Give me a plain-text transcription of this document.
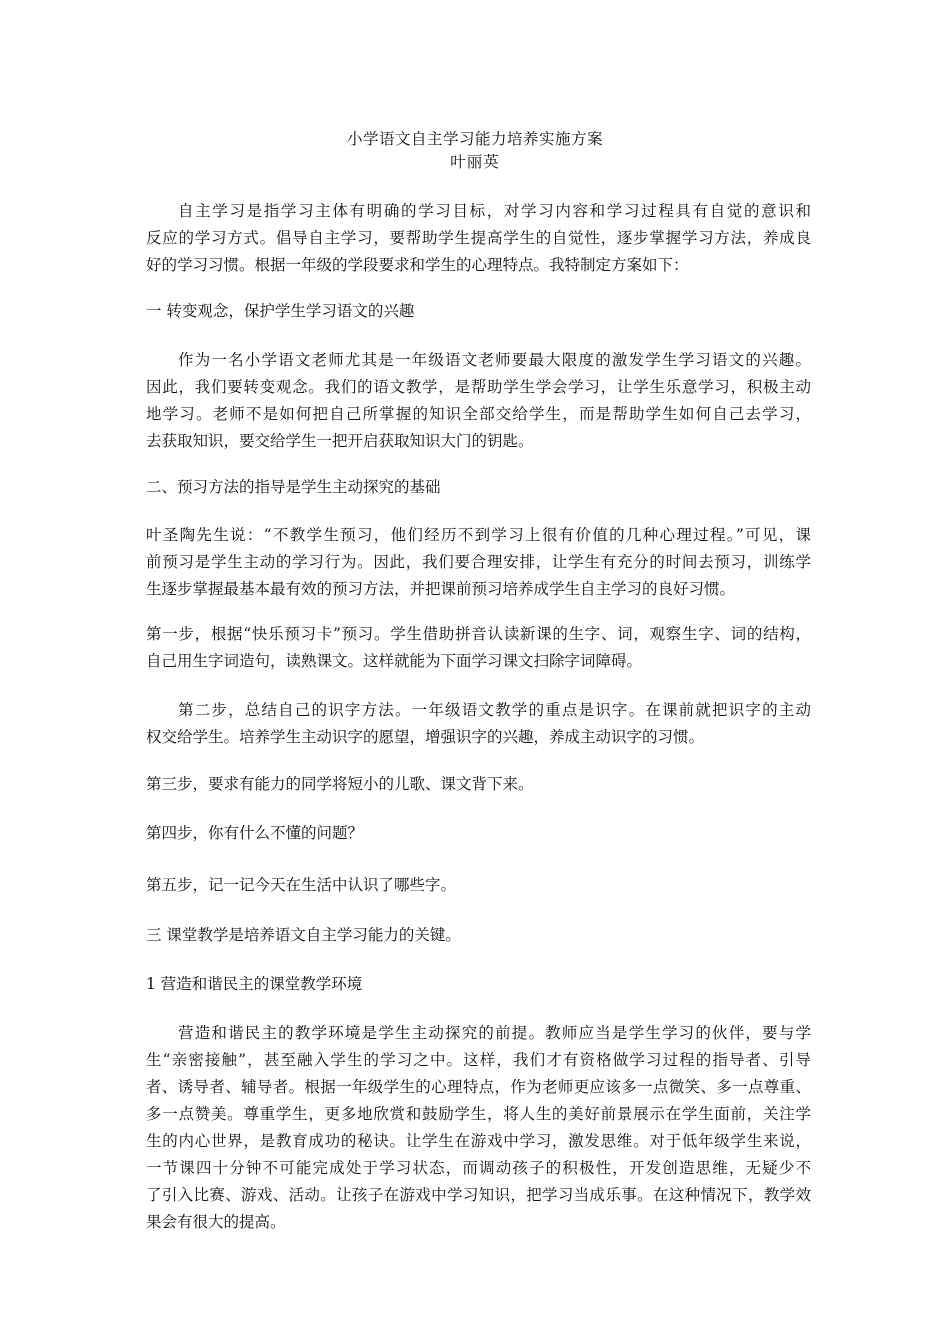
小学语文自主学习能力培养实施方案
叶丽英
自主学习是指学习主体有明确的学习目标，对学习内容和学习过程具有自觉的意识和
反应的学习方式。倡导自主学习，要帮助学生提高学生的自觉性，逐步掌握学习方法，养成良
好的学习习惯。根据一年级的学段要求和学生的心理特点。我特制定方案如下：
一 转变观念，保护学生学习语文的兴趣
作为一名小学语文老师尤其是一年级语文老师要最大限度的激发学生学习语文的兴趣。
因此，我们要转变观念。我们的语文教学，是帮助学生学会学习，让学生乐意学习，积极主动
地学习。老师不是如何把自己所掌握的知识全部交给学生，而是帮助学生如何自己去学习，
去获取知识，要交给学生一把开启获取知识大门的钥匙。
二、预习方法的指导是学生主动探究的基础
叶圣陶先生说：“不教学生预习，他们经历不到学习上很有价值的几种心理过程。”可见，课
前预习是学生主动的学习行为。因此，我们要合理安排，让学生有充分的时间去预习，训练学
生逐步掌握最基本最有效的预习方法，并把课前预习培养成学生自主学习的良好习惯。
第一步，根据“快乐预习卡”预习。学生借助拼音认读新课的生字、词，观察生字、词的结构，
自己用生字词造句，读熟课文。这样就能为下面学习课文扫除字词障碍。
第二步，总结自己的识字方法。一年级语文教学的重点是识字。在课前就把识字的主动
权交给学生。培养学生主动识字的愿望，增强识字的兴趣，养成主动识字的习惯。
第三步，要求有能力的同学将短小的儿歌、课文背下来。
第四步，你有什么不懂的问题？
第五步，记一记今天在生活中认识了哪些字。
三 课堂教学是培养语文自主学习能力的关键。
1 营造和谐民主的课堂教学环境
营造和谐民主的教学环境是学生主动探究的前提。教师应当是学生学习的伙伴，要与学
生“亲密接触”，甚至融入学生的学习之中。这样，我们才有资格做学习过程的指导者、引导
者、诱导者、辅导者。根据一年级学生的心理特点，作为老师更应该多一点微笑、多一点尊重、
多一点赞美。尊重学生，更多地欣赏和鼓励学生，将人生的美好前景展示在学生面前，关注学
生的内心世界，是教育成功的秘诀。让学生在游戏中学习，激发思维。对于低年级学生来说，
一节课四十分钟不可能完成处于学习状态，而调动孩子的积极性，开发创造思维，无疑少不
了引入比赛、游戏、活动。让孩子在游戏中学习知识，把学习当成乐事。在这种情况下，教学效
果会有很大的提高。
